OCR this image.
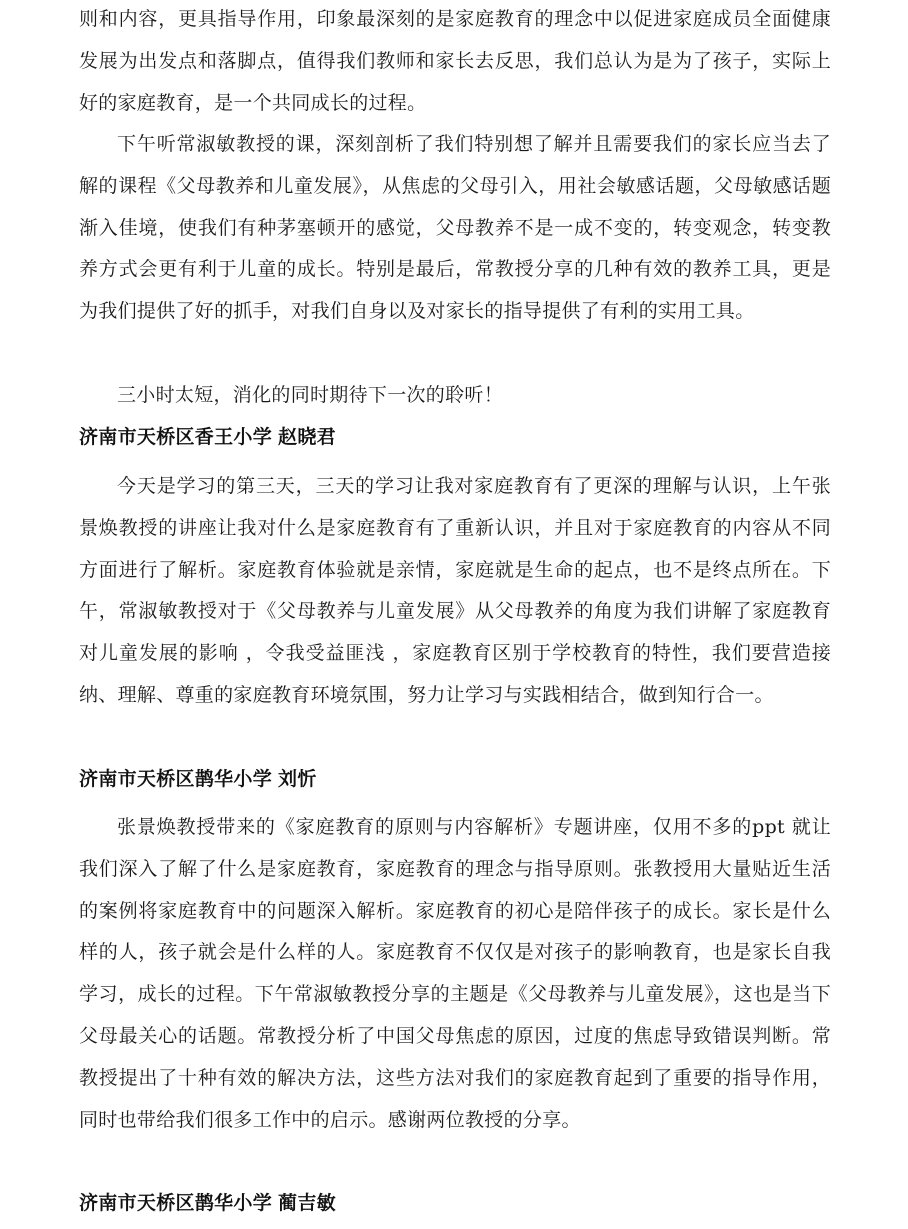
则和内容，更具指导作用，印象最深刻的是家庭教育的理念中以促进家庭成员全面健康发展为出发点和落脚点，值得我们教师和家长去反思，我们总认为是为了孩子，实际上好的家庭教育，是一个共同成长的过程。

下午听常淑敏教授的课，深刻剖析了我们特别想了解并且需要我们的家长应当去了解的课程《父母教养和儿童发展》，从焦虑的父母引入，用社会敏感话题，父母敏感话题渐入佳境，使我们有种茅塞顿开的感觉，父母教养不是一成不变的，转变观念，转变教养方式会更有利于儿童的成长。特别是最后，常教授分享的几种有效的教养工具，更是为我们提供了好的抓手，对我们自身以及对家长的指导提供了有利的实用工具。

三小时太短，消化的同时期待下一次的聆听！

济南市天桥区香王小学 赵晓君

今天是学习的第三天，三天的学习让我对家庭教育有了更深的理解与认识，上午张景焕教授的讲座让我对什么是家庭教育有了重新认识，并且对于家庭教育的内容从不同方面进行了解析。家庭教育体验就是亲情，家庭就是生命的起点，也不是终点所在。下午，常淑敏教授对于《父母教养与儿童发展》从父母教养的角度为我们讲解了家庭教育对儿童发展的影响 ，令我受益匪浅 ，家庭教育区别于学校教育的特性，我们要营造接纳、理解、尊重的家庭教育环境氛围，努力让学习与实践相结合，做到知行合一。

济南市天桥区鹊华小学 刘忻

张景焕教授带来的《家庭教育的原则与内容解析》专题讲座，仅用不多的ppt 就让我们深入了解了什么是家庭教育，家庭教育的理念与指导原则。张教授用大量贴近生活的案例将家庭教育中的问题深入解析。家庭教育的初心是陪伴孩子的成长。家长是什么样的人，孩子就会是什么样的人。家庭教育不仅仅是对孩子的影响教育，也是家长自我学习，成长的过程。下午常淑敏教授分享的主题是《父母教养与儿童发展》，这也是当下父母最关心的话题。常教授分析了中国父母焦虑的原因，过度的焦虑导致错误判断。常教授提出了十种有效的解决方法，这些方法对我们的家庭教育起到了重要的指导作用，同时也带给我们很多工作中的启示。感谢两位教授的分享。

济南市天桥区鹊华小学 蔺吉敏
